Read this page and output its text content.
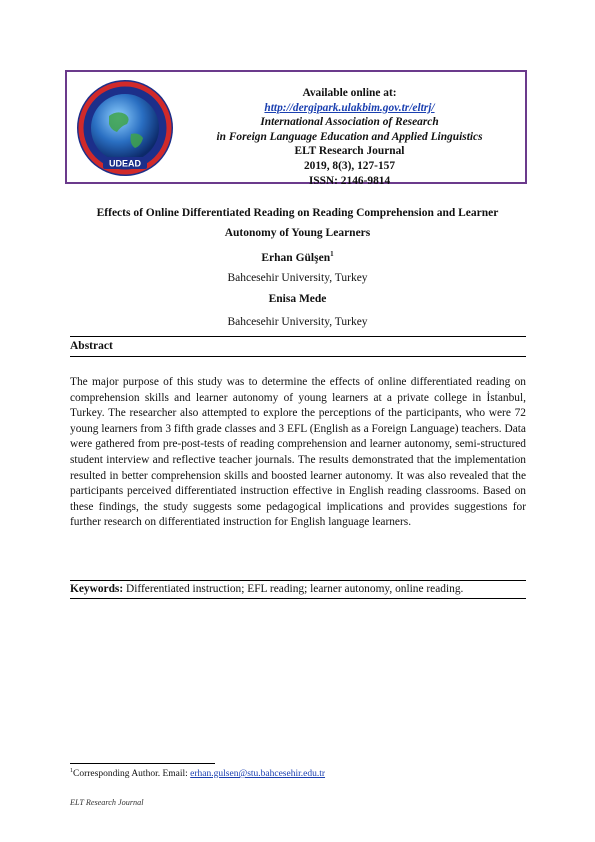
UDEAD
Available online at:
http://dergipark.ulakbim.gov.tr/eltrj/
International Association of Research
in Foreign Language Education and Applied Linguistics
ELT Research Journal
2019, 8(3), 127-157
ISSN: 2146-9814
Effects of Online Differentiated Reading on Reading Comprehension and Learner
Autonomy of Young Learners
Erhan Gülşen$^1$
Bahcesehir University, Turkey
Enisa Mede
Bahcesehir University, Turkey
Abstract
The major purpose of this study was to determine the effects of online differentiated reading on comprehension skills and learner autonomy of young learners at a private college in İstanbul, Turkey. The researcher also attempted to explore the perceptions of the participants, who were 72 young learners from 3 fifth grade classes and 3 EFL (English as a Foreign Language) teachers. Data were gathered from pre-post-tests of reading comprehension and learner autonomy, semi-structured student interview and reflective teacher journals. The results demonstrated that the implementation resulted in better comprehension skills and boosted learner autonomy. It was also revealed that the participants perceived differentiated instruction effective in English reading classrooms. Based on these findings, the study suggests some pedagogical implications and provides suggestions for further research on differentiated instruction for English language learners.
Keywords: Differentiated instruction; EFL reading; learner autonomy, online reading.
$^1$Corresponding Author. Email: erhan.gulsen@stu.bahcesehir.edu.tr
ELT Research Journal
